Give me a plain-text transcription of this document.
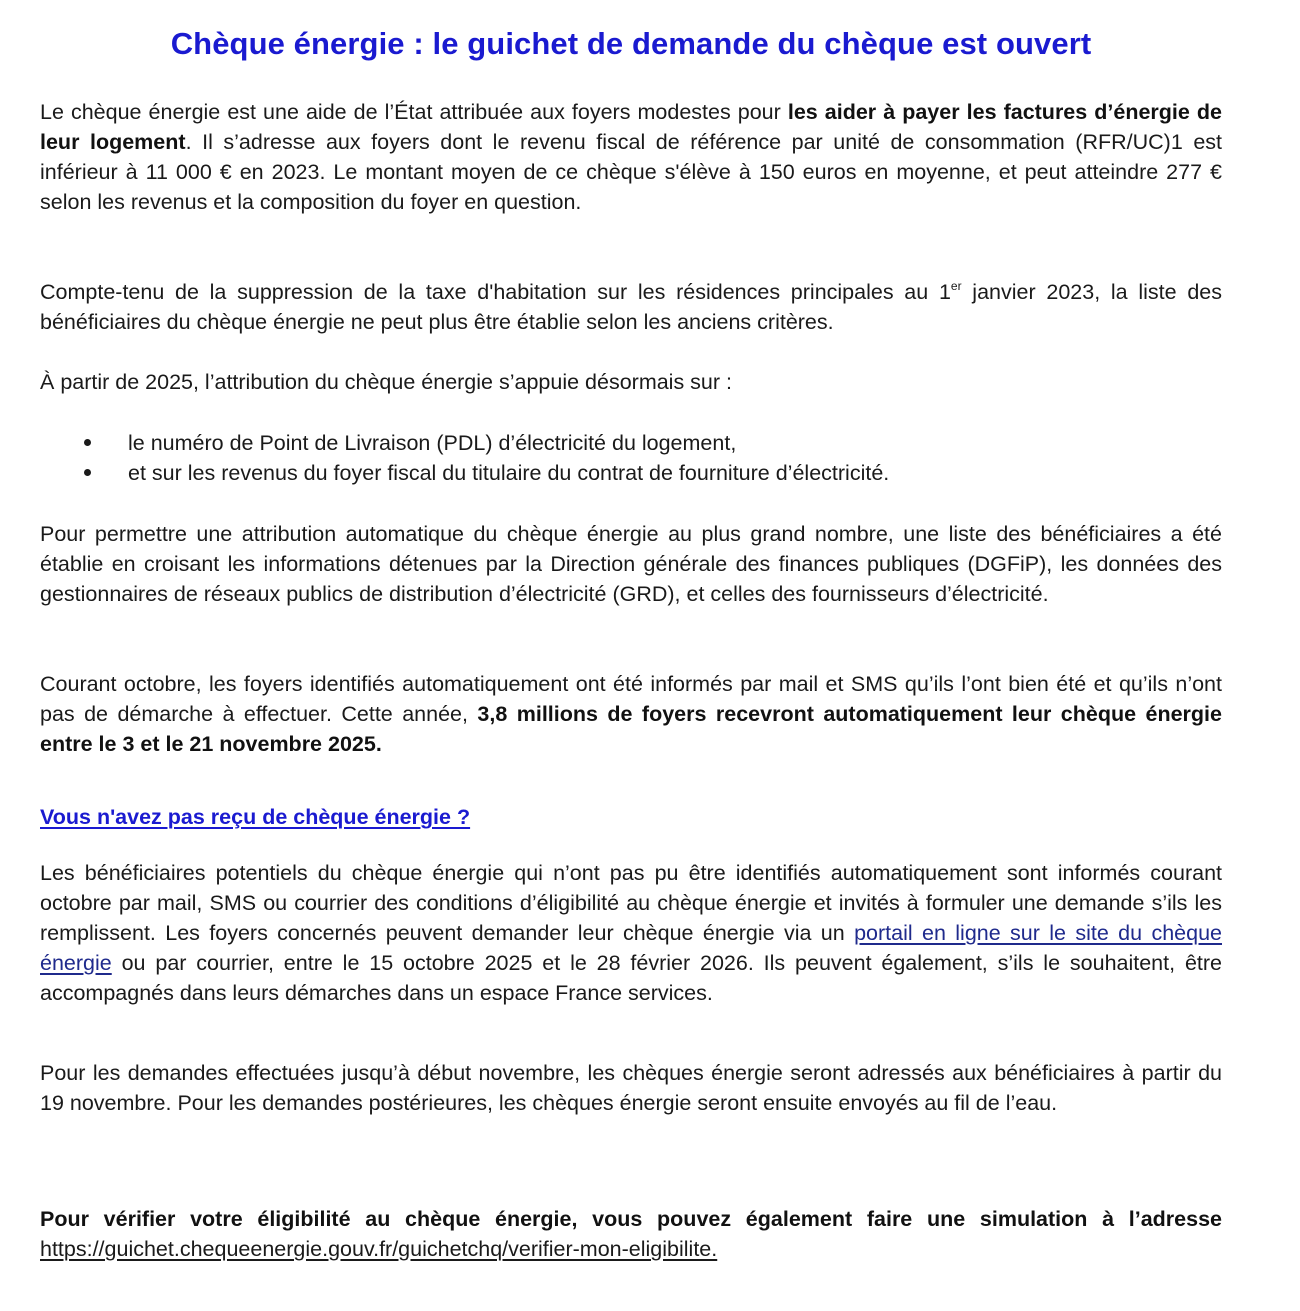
Chèque énergie : le guichet de demande du chèque est ouvert

Le chèque énergie est une aide de l’État attribuée aux foyers modestes pour les aider à payer les factures d’énergie de leur logement. Il s’adresse aux foyers dont le revenu fiscal de référence par unité de consommation (RFR/UC)1 est inférieur à 11 000 € en 2023. Le montant moyen de ce chèque s'élève à 150 euros en moyenne, et peut atteindre 277 € selon les revenus et la composition du foyer en question.

Compte-tenu de la suppression de la taxe d'habitation sur les résidences principales au 1er janvier 2023, la liste des bénéficiaires du chèque énergie ne peut plus être établie selon les anciens critères.

À partir de 2025, l’attribution du chèque énergie s’appuie désormais sur :

le numéro de Point de Livraison (PDL) d’électricité du logement,
et sur les revenus du foyer fiscal du titulaire du contrat de fourniture d’électricité.

Pour permettre une attribution automatique du chèque énergie au plus grand nombre, une liste des bénéficiaires a été établie en croisant les informations détenues par la Direction générale des finances publiques (DGFiP), les données des gestionnaires de réseaux publics de distribution d’électricité (GRD), et celles des fournisseurs d’électricité.

Courant octobre, les foyers identifiés automatiquement ont été informés par mail et SMS qu’ils l’ont bien été et qu’ils n’ont pas de démarche à effectuer. Cette année, 3,8 millions de foyers recevront automatiquement leur chèque énergie entre le 3 et le 21 novembre 2025.

Vous n'avez pas reçu de chèque énergie ?

Les bénéficiaires potentiels du chèque énergie qui n’ont pas pu être identifiés automatiquement sont informés courant octobre par mail, SMS ou courrier des conditions d’éligibilité au chèque énergie et invités à formuler une demande s’ils les remplissent. Les foyers concernés peuvent demander leur chèque énergie via un portail en ligne sur le site du chèque énergie ou par courrier, entre le 15 octobre 2025 et le 28 février 2026. Ils peuvent également, s’ils le souhaitent, être accompagnés dans leurs démarches dans un espace France services.

Pour les demandes effectuées jusqu’à début novembre, les chèques énergie seront adressés aux bénéficiaires à partir du 19 novembre. Pour les demandes postérieures, les chèques énergie seront ensuite envoyés au fil de l’eau.

Pour vérifier votre éligibilité au chèque énergie, vous pouvez également faire une simulation à l’adresse https://guichet.chequeenergie.gouv.fr/guichetchq/verifier-mon-eligibilite.
